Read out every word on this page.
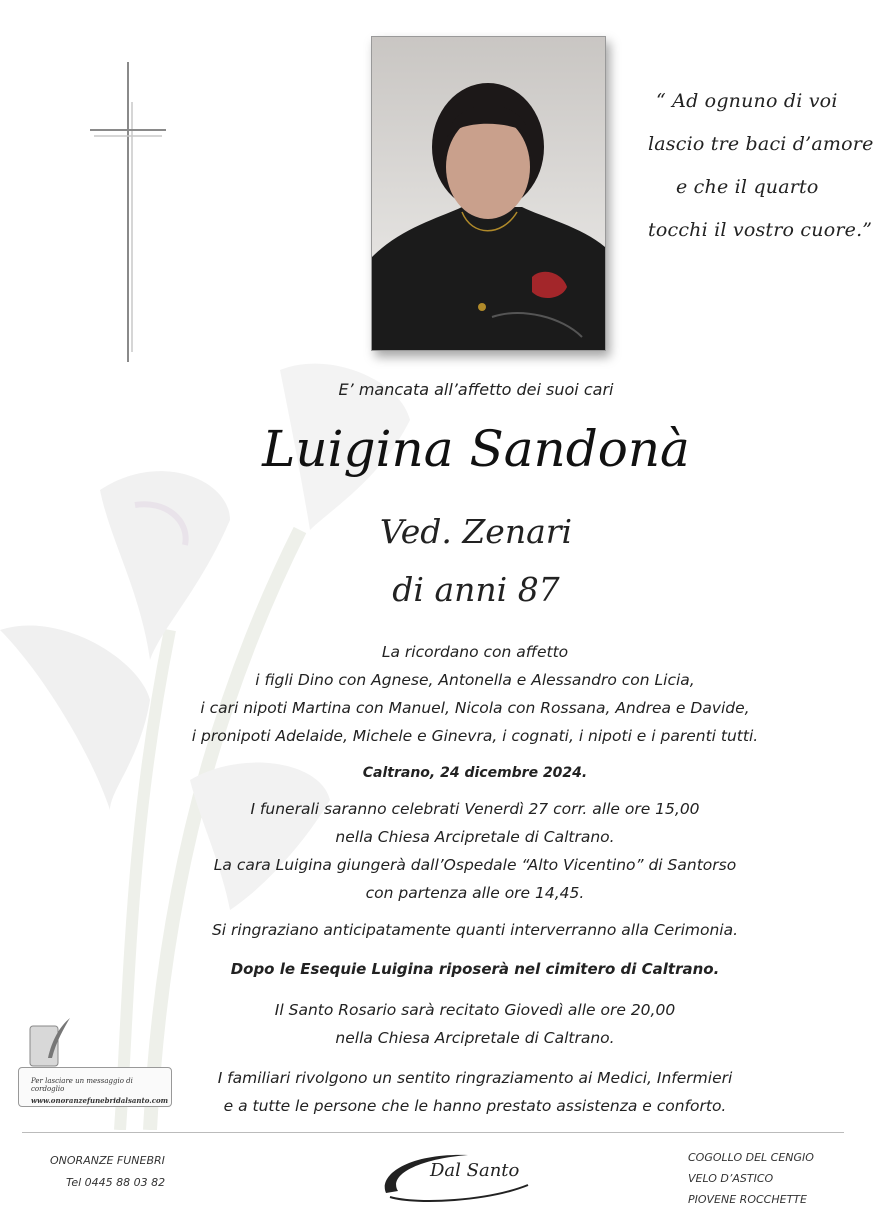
“ Ad ognuno di voi
lascio tre baci d’amore
e che il quarto
tocchi il vostro cuore.”
E’ mancata all’affetto dei suoi cari
Luigina Sandonà
Ved. Zenari
di anni 87
La ricordano con affetto
i figli Dino con Agnese, Antonella e Alessandro con Licia,
i cari nipoti Martina con Manuel, Nicola con Rossana, Andrea e Davide,
i pronipoti Adelaide, Michele e Ginevra, i cognati, i nipoti e i parenti tutti.
Caltrano, 24 dicembre 2024.
I funerali saranno celebrati Venerdì 27 corr. alle ore 15,00
nella Chiesa Arcipretale di Caltrano.
La cara Luigina giungerà dall’Ospedale “Alto Vicentino” di Santorso
con partenza alle ore 14,45.
Si ringraziano anticipatamente quanti interverranno alla Cerimonia.
Dopo le Esequie Luigina riposerà nel cimitero di Caltrano.
Il Santo Rosario sarà recitato Giovedì alle ore 20,00
nella Chiesa Arcipretale di Caltrano.
I familiari rivolgono un sentito ringraziamento ai Medici, Infermieri
e a tutte le persone che le hanno prestato assistenza e conforto.
Per lasciare un messaggio di cordoglio
www.onoranzefunebridalsanto.com
ONORANZE FUNEBRI
Tel 0445 88 03 82
Dal Santo
COGOLLO DEL CENGIO
VELO D’ASTICO
PIOVENE ROCCHETTE
